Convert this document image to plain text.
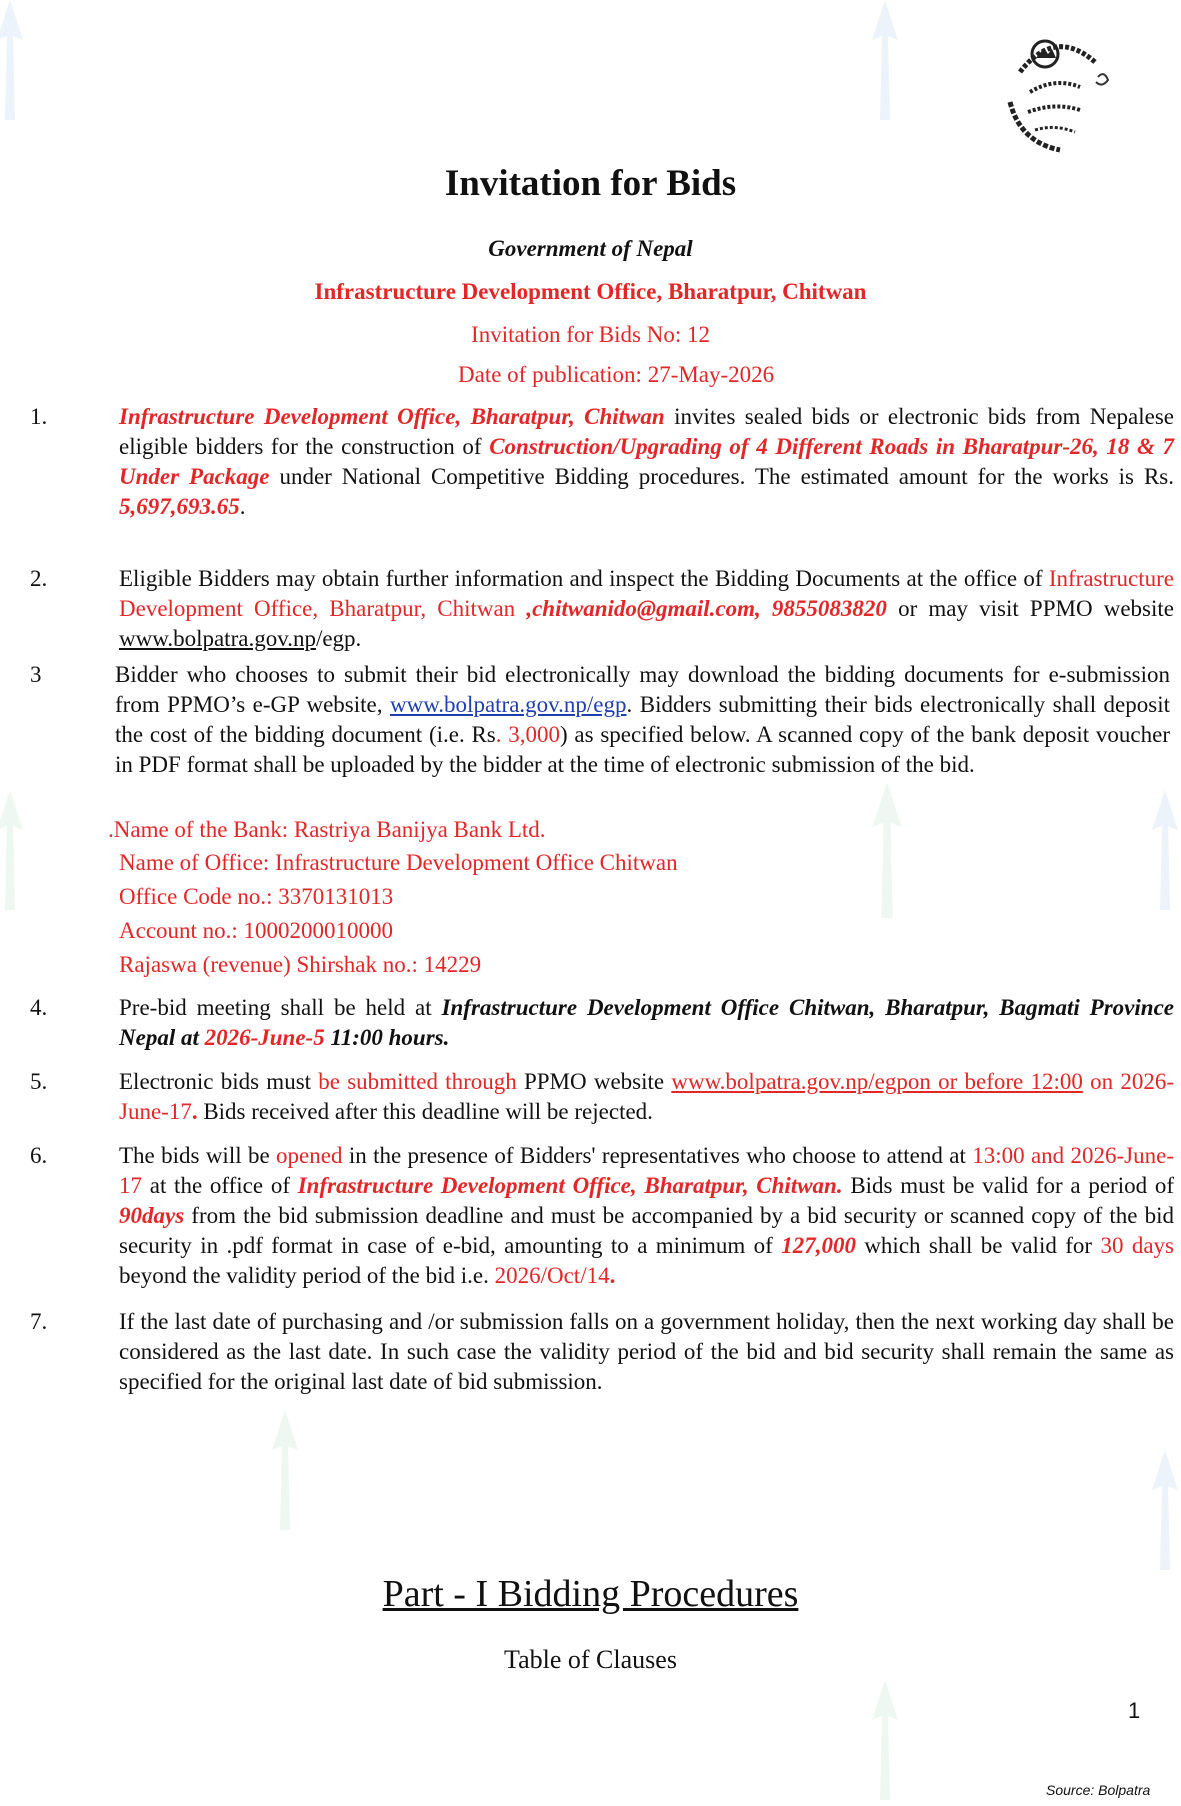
Invitation for Bids
Government of Nepal
Infrastructure Development Office, Bharatpur, Chitwan
Invitation for Bids No: 12
Date of publication: 27-May-2026
1.	Infrastructure Development Office, Bharatpur, Chitwan invites sealed bids or electronic bids from Nepalese eligible bidders for the construction of Construction/Upgrading of 4 Different Roads in Bharatpur-26, 18 & 7 Under Package under National Competitive Bidding procedures. The estimated amount for the works is Rs. 5,697,693.65.
2.	Eligible Bidders may obtain further information and inspect the Bidding Documents at the office of Infrastructure Development Office, Bharatpur, Chitwan ,chitwanido@gmail.com, 9855083820 or may visit PPMO website www.bolpatra.gov.np/egp.
3	Bidder who chooses to submit their bid electronically may download the bidding documents for e-submission from PPMO’s e-GP website, www.bolpatra.gov.np/egp. Bidders submitting their bids electronically shall deposit the cost of the bidding document (i.e. Rs. 3,000) as specified below. A scanned copy of the bank deposit voucher in PDF format shall be uploaded by the bidder at the time of electronic submission of the bid.
.Name of the Bank: Rastriya Banijya Bank Ltd.
Name of Office: Infrastructure Development Office Chitwan
Office Code no.: 3370131013
Account no.: 1000200010000
Rajaswa (revenue) Shirshak no.: 14229
4.	Pre-bid meeting shall be held at Infrastructure Development Office Chitwan, Bharatpur, Bagmati Province Nepal at 2026-June-5 11:00 hours.
5.	Electronic bids must be submitted through PPMO website www.bolpatra.gov.np/egpon or before 12:00 on 2026-June-17. Bids received after this deadline will be rejected.
6.	The bids will be opened in the presence of Bidders' representatives who choose to attend at 13:00 and 2026-June-17 at the office of Infrastructure Development Office, Bharatpur, Chitwan. Bids must be valid for a period of 90days from the bid submission deadline and must be accompanied by a bid security or scanned copy of the bid security in .pdf format in case of e-bid, amounting to a minimum of 127,000 which shall be valid for 30 days beyond the validity period of the bid i.e. 2026/Oct/14.
7.	If the last date of purchasing and /or submission falls on a government holiday, then the next working day shall be considered as the last date. In such case the validity period of the bid and bid security shall remain the same as specified for the original last date of bid submission.
Part - I Bidding Procedures
Table of Clauses
1
Source: Bolpatra
